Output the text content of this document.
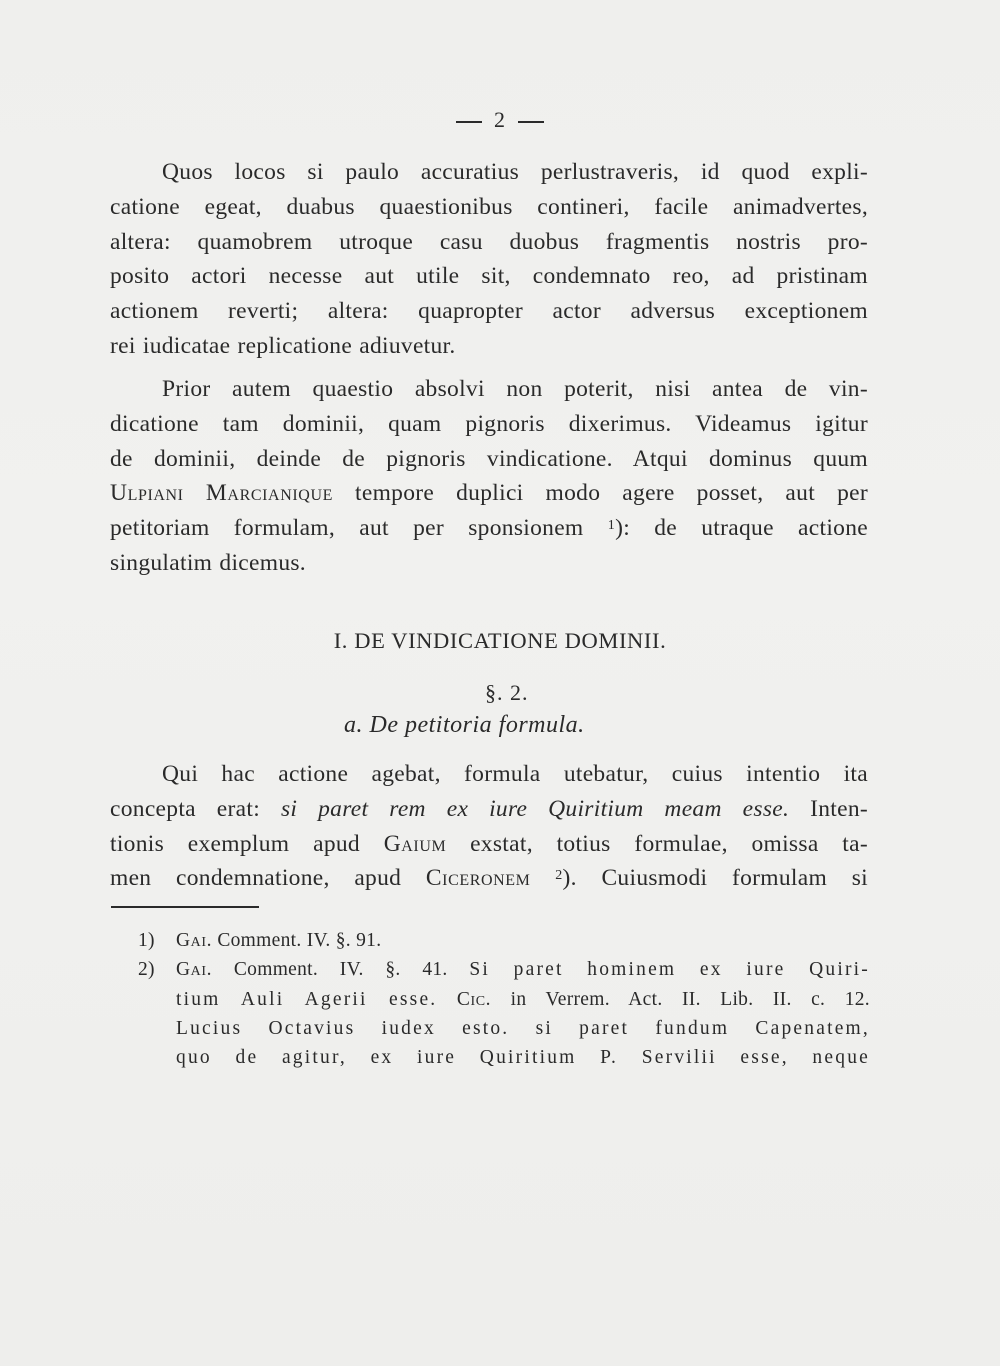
2
Quos locos si paulo accuratius perlustraveris, id quod expli-
catione egeat, duabus quaestionibus contineri, facile animadvertes,
altera: quamobrem utroque casu duobus fragmentis nostris pro-
posito actori necesse aut utile sit, condemnato reo, ad pristinam
actionem reverti; altera: quapropter actor adversus exceptionem
rei iudicatae replicatione adiuvetur.
Prior autem quaestio absolvi non poterit, nisi antea de vin-
dicatione tam dominii, quam pignoris dixerimus. Videamus igitur
de dominii, deinde de pignoris vindicatione. Atqui dominus quum
Ulpiani Marcianique tempore duplici modo agere posset, aut per
petitoriam formulam, aut per sponsionem $^1$): de utraque actione
singulatim dicemus.
I. DE VINDICATIONE DOMINII.
§. 2.
a. De petitoria formula.
Qui hac actione agebat, formula utebatur, cuius intentio ita
concepta erat: si paret rem ex iure Quiritium meam esse. Inten-
tionis exemplum apud Gaium exstat, totius formulae, omissa ta-
men condemnatione, apud Ciceronem $^2$). Cuiusmodi formulam si
1)	Gai. Comment. IV. §. 91.
2)	Gai. Comment. IV. §. 41. Si paret hominem ex iure Quiri-
tium Auli Agerii esse. Cic. in Verrem. Act. II. Lib. II. c. 12.
Lucius Octavius iudex esto. si paret fundum Capenatem,
quo de agitur, ex iure Quiritium P. Servilii esse, neque
